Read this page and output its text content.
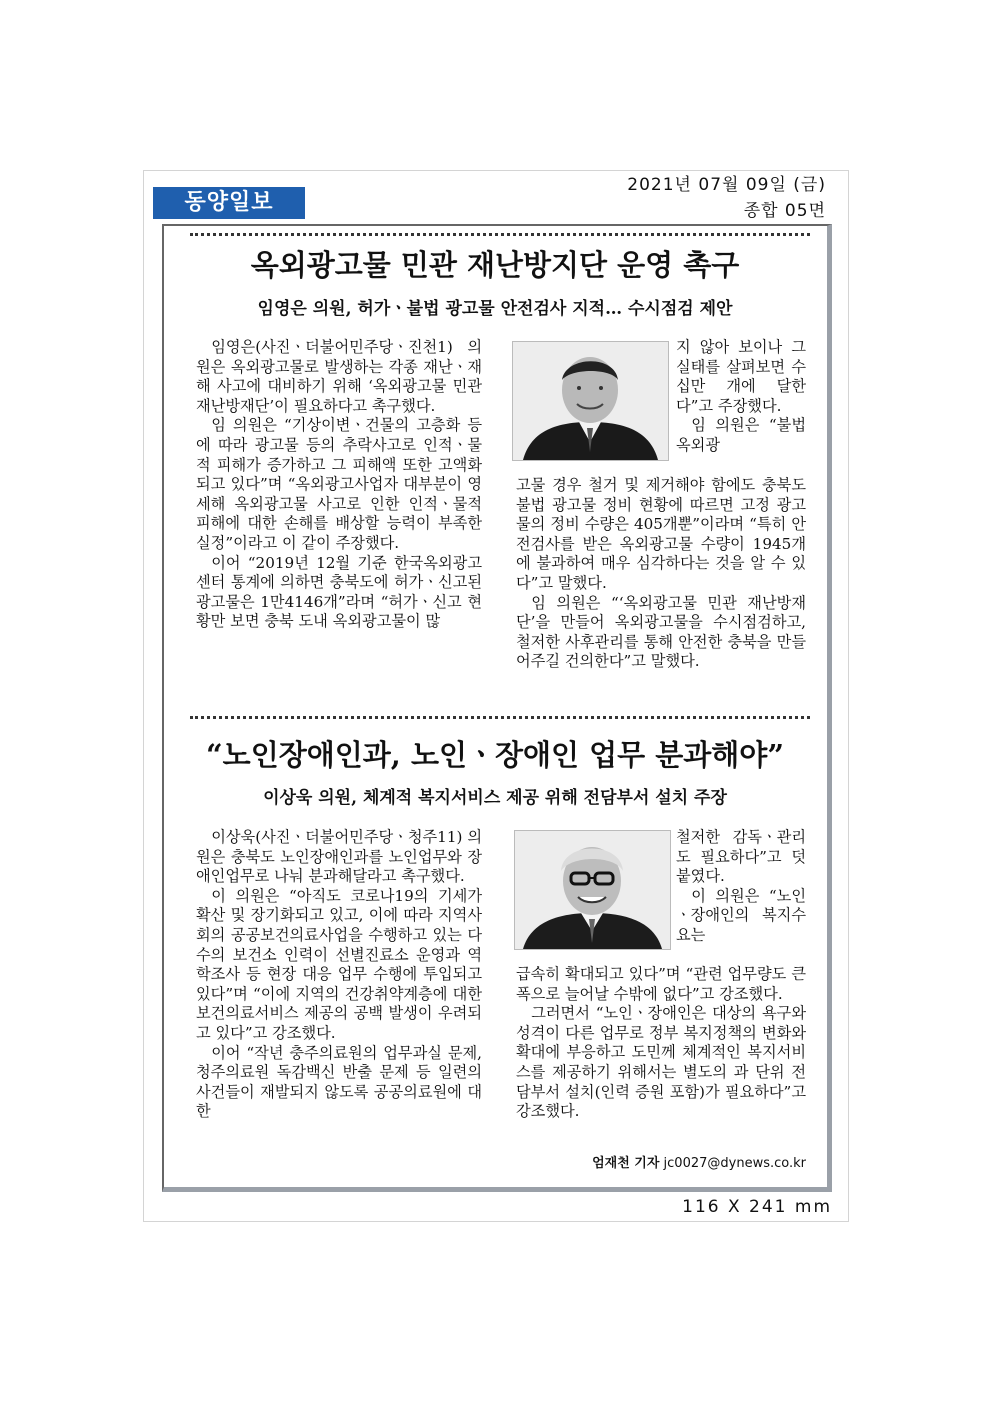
동양일보
2021년 07월 09일 (금)
종합 05면
옥외광고물 민관 재난방지단 운영 촉구
임영은 의원, 허가ㆍ불법 광고물 안전검사 지적… 수시점검 제안

임영은(사진ㆍ더불어민주당ㆍ진천1) 의원은 옥외광고물로 발생하는 각종 재난ㆍ재해 사고에 대비하기 위해 ‘옥외광고물 민관 재난방재단’이 필요하다고 촉구했다.

임 의원은 “기상이변ㆍ건물의 고층화 등에 따라 광고물 등의 추락사고로 인적ㆍ물적 피해가 증가하고 그 피해액 또한 고액화되고 있다”며 “옥외광고사업자 대부분이 영세해 옥외광고물 사고로 인한 인적ㆍ물적 피해에 대한 손해를 배상할 능력이 부족한 실정”이라고 이 같이 주장했다.

이어 “2019년 12월 기준 한국옥외광고센터 통계에 의하면 충북도에 허가ㆍ신고된 광고물은 1만4146개”라며 “허가ㆍ신고 현황만 보면 충북 도내 옥외광고물이 많

지 않아 보이나 그 실태를 살펴보면 수십만 개에 달한다”고 주장했다.

임 의원은 “불법 옥외광

고물 경우 철거 및 제거해야 함에도 충북도 불법 광고물 정비 현황에 따르면 고정 광고물의 정비 수량은 405개뿐”이라며 “특히 안전검사를 받은 옥외광고물 수량이 1945개에 불과하여 매우 심각하다는 것을 알 수 있다”고 말했다.

임 의원은 “‘옥외광고물 민관 재난방재단’을 만들어 옥외광고물을 수시점검하고, 철저한 사후관리를 통해 안전한 충북을 만들어주길 건의한다”고 말했다.

“노인장애인과, 노인ㆍ장애인 업무 분과해야”
이상욱 의원, 체계적 복지서비스 제공 위해 전담부서 설치 주장

이상욱(사진ㆍ더불어민주당ㆍ청주11) 의원은 충북도 노인장애인과를 노인업무와 장애인업무로 나눠 분과해달라고 촉구했다.

이 의원은 “아직도 코로나19의 기세가 확산 및 장기화되고 있고, 이에 따라 지역사회의 공공보건의료사업을 수행하고 있는 다수의 보건소 인력이 선별진료소 운영과 역학조사 등 현장 대응 업무 수행에 투입되고 있다”며 “이에 지역의 건강취약계층에 대한 보건의료서비스 제공의 공백 발생이 우려되고 있다”고 강조했다.

이어 “작년 충주의료원의 업무과실 문제, 청주의료원 독감백신 반출 문제 등 일련의 사건들이 재발되지 않도록 공공의료원에 대한

철저한 감독ㆍ관리도 필요하다”고 덧붙였다.

이 의원은 “노인ㆍ장애인의 복지수요는

급속히 확대되고 있다”며 “관련 업무량도 큰 폭으로 늘어날 수밖에 없다”고 강조했다.

그러면서 “노인ㆍ장애인은 대상의 욕구와 성격이 다른 업무로 정부 복지정책의 변화와 확대에 부응하고 도민께 체계적인 복지서비스를 제공하기 위해서는 별도의 과 단위 전담부서 설치(인력 증원 포함)가 필요하다”고 강조했다.

엄재천 기자 jc0027@dynews.co.kr
116 X 241 mm
